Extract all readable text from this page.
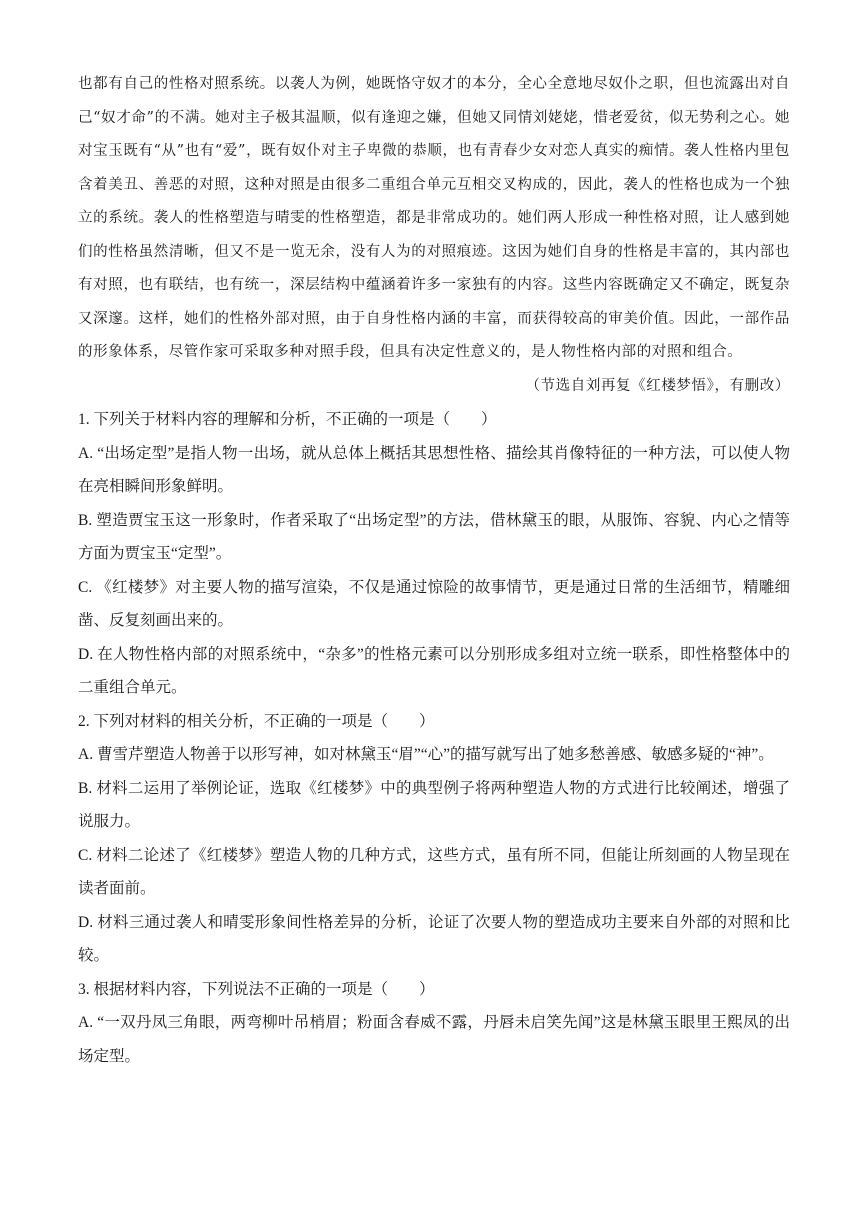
也都有自己的性格对照系统。以袭人为例，她既恪守奴才的本分，全心全意地尽奴仆之职，但也流露出对自己“奴才命”的不满。她对主子极其温顺，似有逢迎之嫌，但她又同情刘姥姥，惜老爱贫，似无势利之心。她对宝玉既有“从”也有“爱”，既有奴仆对主子卑微的恭顺，也有青春少女对恋人真实的痴情。袭人性格内里包含着美丑、善恶的对照，这种对照是由很多二重组合单元互相交叉构成的，因此，袭人的性格也成为一个独立的系统。袭人的性格塑造与晴雯的性格塑造，都是非常成功的。她们两人形成一种性格对照，让人感到她们的性格虽然清晰，但又不是一览无余，没有人为的对照痕迹。这因为她们自身的性格是丰富的，其内部也有对照，也有联结，也有统一，深层结构中蕴涵着许多一家独有的内容。这些内容既确定又不确定，既复杂又深邃。这样，她们的性格外部对照，由于自身性格内涵的丰富，而获得较高的审美价值。因此，一部作品的形象体系，尽管作家可采取多种对照手段，但具有决定性意义的，是人物性格内部的对照和组合。

（节选自刘再复《红楼梦悟》，有删改）

1. 下列关于材料内容的理解和分析，不正确的一项是（　　）

A. “出场定型”是指人物一出场，就从总体上概括其思想性格、描绘其肖像特征的一种方法，可以使人物在亮相瞬间形象鲜明。

B. 塑造贾宝玉这一形象时，作者采取了“出场定型”的方法，借林黛玉的眼，从服饰、容貌、内心之情等方面为贾宝玉“定型”。

C. 《红楼梦》对主要人物的描写渲染，不仅是通过惊险的故事情节，更是通过日常的生活细节，精雕细凿、反复刻画出来的。

D. 在人物性格内部的对照系统中，“杂多”的性格元素可以分别形成多组对立统一联系，即性格整体中的二重组合单元。

2. 下列对材料的相关分析，不正确的一项是（　　）

A. 曹雪芹塑造人物善于以形写神，如对林黛玉“眉”“心”的描写就写出了她多愁善感、敏感多疑的“神”。

B. 材料二运用了举例论证，选取《红楼梦》中的典型例子将两种塑造人物的方式进行比较阐述，增强了说服力。

C. 材料二论述了《红楼梦》塑造人物的几种方式，这些方式，虽有所不同，但能让所刻画的人物呈现在读者面前。

D. 材料三通过袭人和晴雯形象间性格差异的分析，论证了次要人物的塑造成功主要来自外部的对照和比较。

3. 根据材料内容，下列说法不正确的一项是（　　）

A. “一双丹凤三角眼，两弯柳叶吊梢眉；粉面含春威不露，丹唇未启笑先闻”这是林黛玉眼里王熙凤的出场定型。
